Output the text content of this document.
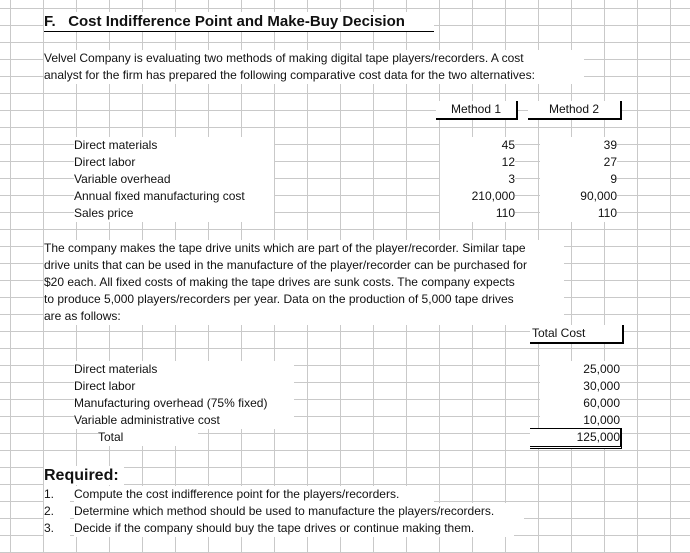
F. Cost Indifference Point and Make-Buy Decision
Velvel Company is evaluating two methods of making digital tape players/recorders. A cost
analyst for the firm has prepared the following comparative cost data for the two alternatives:
Method 1	Method 2
Direct materials	45	39
Direct labor	12	27
Variable overhead	3	9
Annual fixed manufacturing cost	210,000	90,000
Sales price	110	110
The company makes the tape drive units which are part of the player/recorder. Similar tape
drive units that can be used in the manufacture of the player/recorder can be purchased for
$20 each. All fixed costs of making the tape drives are sunk costs. The company expects
to produce 5,000 players/recorders per year. Data on the production of 5,000 tape drives
are as follows:
Total Cost
Direct materials	25,000
Direct labor	30,000
Manufacturing overhead (75% fixed)	60,000
Variable administrative cost	10,000
Total	125,000
Required:
1.	Compute the cost indifference point for the players/recorders.
2.	Determine which method should be used to manufacture the players/recorders.
3.	Decide if the company should buy the tape drives or continue making them.
